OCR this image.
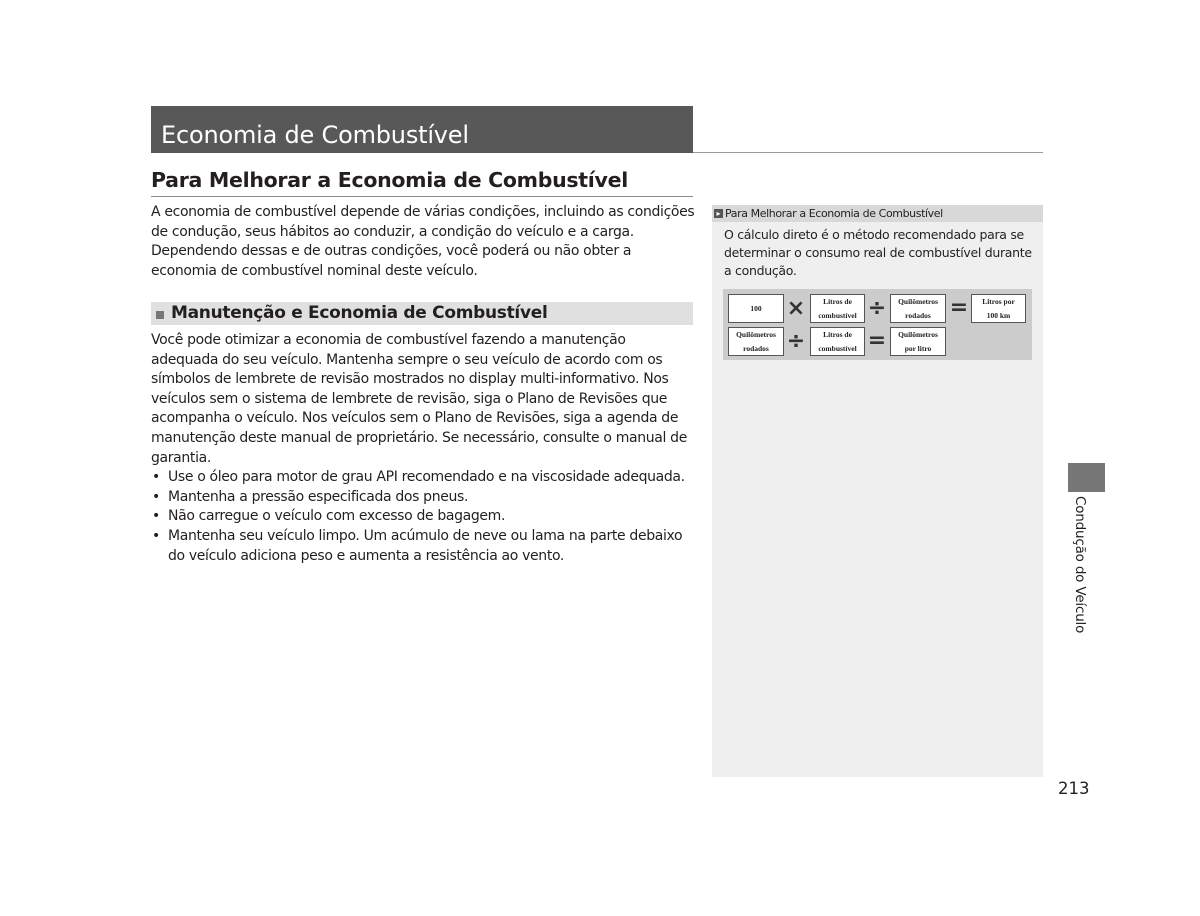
Economia de Combustível
Para Melhorar a Economia de Combustível
A economia de combustível depende de várias condições, incluindo as condições de condução, seus hábitos ao conduzir, a condição do veículo e a carga. Dependendo dessas e de outras condições, você poderá ou não obter a economia de combustível nominal deste veículo.
Manutenção e Economia de Combustível
Você pode otimizar a economia de combustível fazendo a manutenção adequada do seu veículo. Mantenha sempre o seu veículo de acordo com os símbolos de lembrete de revisão mostrados no display multi-informativo. Nos veículos sem o sistema de lembrete de revisão, siga o Plano de Revisões que acompanha o veículo. Nos veículos sem o Plano de Revisões, siga a agenda de manutenção deste manual de proprietário. Se necessário, consulte o manual de garantia.
• Use o óleo para motor de grau API recomendado e na viscosidade adequada.
• Mantenha a pressão especificada dos pneus.
• Não carregue o veículo com excesso de bagagem.
• Mantenha seu veículo limpo. Um acúmulo de neve ou lama na parte debaixo do veículo adiciona peso e aumenta a resistência ao vento.
▸ Para Melhorar a Economia de Combustível
O cálculo direto é o método recomendado para se determinar o consumo real de combustível durante a condução.
100	×	Litros de
combustível ÷	Quilômetros
rodados =	Litros por
100 km
Quilômetros
rodados ÷	Litros de
combustível =	Quilômetros
por litro
Condução do Veículo
213
